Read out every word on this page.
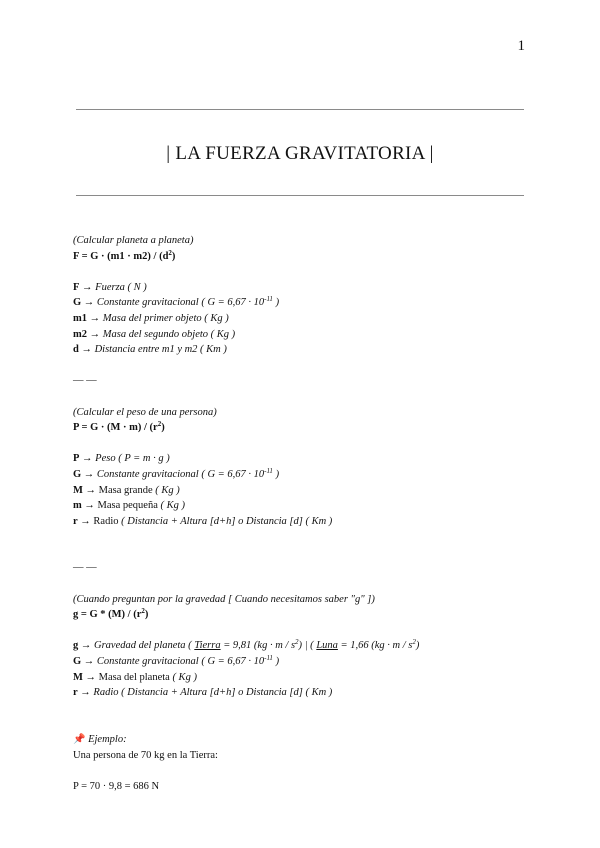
1
| LA FUERZA GRAVITATORIA |
(Calcular planeta a planeta)
$F = G \cdot (m1 \cdot m2) / (d^2)$
F → Fuerza ( N )
G → Constante gravitacional ( $G = 6,67 \cdot 10^{-11}$ )
m1 → Masa del primer objeto ( Kg )
m2 → Masa del segundo objeto ( Kg )
d → Distancia entre m1 y m2 ( Km )
— —
(Calcular el peso de una persona)
$P = G \cdot (M \cdot m) / (r^2)$
P → Peso ( P = m · g )
G → Constante gravitacional ( $G = 6,67 \cdot 10^{-11}$ )
M → Masa grande ( Kg )
m → Masa pequeña ( Kg )
r → Radio ( Distancia + Altura [d+h] o Distancia [d] ( Km )
— —
(Cuando preguntan por la gravedad [ Cuando necesitamos saber "g" ])
$g = G * (M) / (r^2)$
g → Gravedad del planeta ( Tierra = 9,81 $(kg \cdot m / s^2)$ | ( Luna = 1,66 $(kg \cdot m / s^2)$
G → Constante gravitacional ( $G = 6,67 \cdot 10^{-11}$ )
M → Masa del planeta ( Kg )
r → Radio ( Distancia + Altura [d+h] o Distancia [d] ( Km )
📌 Ejemplo:
Una persona de 70 kg en la Tierra:
P = 70 · 9,8 = 686 N
